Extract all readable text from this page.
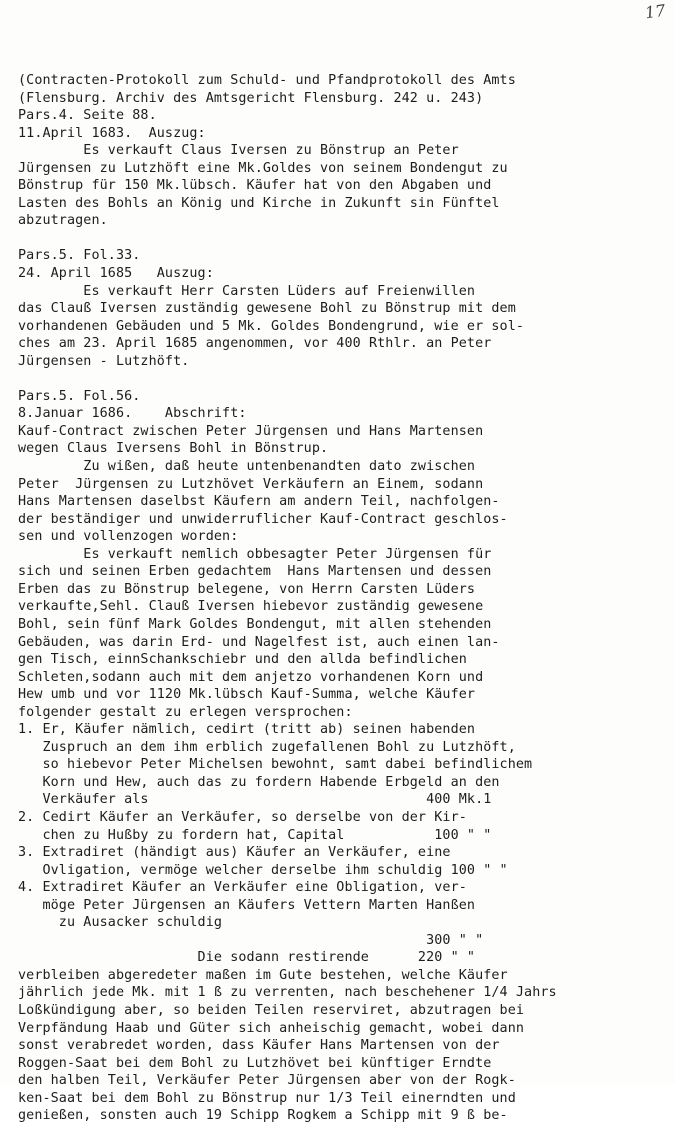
17
(Contracten-Protokoll zum Schuld- und Pfandprotokoll des Amts
(Flensburg. Archiv des Amtsgericht Flensburg. 242 u. 243)
Pars.4. Seite 88.
11.April 1683.  Auszug:
Es verkauft Claus Iversen zu Bönstrup an Peter
Jürgensen zu Lutzhöft eine Mk.Goldes von seinem Bondengut zu
Bönstrup für 150 Mk.lübsch. Käufer hat von den Abgaben und
Lasten des Bohls an König und Kirche in Zukunft sin Fünftel
abzutragen.
Pars.5. Fol.33.
24. April 1685   Auszug:
Es verkauft Herr Carsten Lüders auf Freienwillen
das Clauß Iversen zuständig gewesene Bohl zu Bönstrup mit dem
vorhandenen Gebäuden und 5 Mk. Goldes Bondengrund, wie er sol-
ches am 23. April 1685 angenommen, vor 400 Rthlr. an Peter
Jürgensen - Lutzhöft.
Pars.5. Fol.56.
8.Januar 1686.    Abschrift:
Kauf-Contract zwischen Peter Jürgensen und Hans Martensen
wegen Claus Iversens Bohl in Bönstrup.
Zu wißen, daß heute untenbenandten dato zwischen
Peter  Jürgensen zu Lutzhövet Verkäufern an Einem, sodann
Hans Martensen daselbst Käufern am andern Teil, nachfolgen-
der beständiger und unwiderruflicher Kauf-Contract geschlos-
sen und vollenzogen worden:
Es verkauft nemlich obbesagter Peter Jürgensen für
sich und seinen Erben gedachtem  Hans Martensen und dessen
Erben das zu Bönstrup belegene, von Herrn Carsten Lüders
verkaufte,Sehl. Clauß Iversen hiebevor zuständig gewesene
Bohl, sein fünf Mark Goldes Bondengut, mit allen stehenden
Gebäuden, was darin Erd- und Nagelfest ist, auch einen lan-
gen Tisch, einnSchankschiebr und den allda befindlichen
Schleten,sodann auch mit dem anjetzo vorhandenen Korn und
Hew umb und vor 1120 Mk.lübsch Kauf-Summa, welche Käufer
folgender gestalt zu erlegen versprochen:
1. Er, Käufer nämlich, cedirt (tritt ab) seinen habenden
Zuspruch an dem ihm erblich zugefallenen Bohl zu Lutzhöft,
so hiebevor Peter Michelsen bewohnt, samt dabei befindlichem
Korn und Hew, auch das zu fordern Habende Erbgeld an den
Verkäufer als                                  400 Mk.1
2. Cedirt Käufer an Verkäufer, so derselbe von der Kir-
chen zu Hußby zu fordern hat, Capital           100 " "
3. Extradiret (händigt aus) Käufer an Verkäufer, eine
Ovligation, vermöge welcher derselbe ihm schuldig 100 " "
4. Extradiret Käufer an Verkäufer eine Obligation, ver-
möge Peter Jürgensen an Käufers Vettern Marten Hanßen
zu Ausacker schuldig
300 " "
Die sodann restirende      220 " "
verbleiben abgeredeter maßen im Gute bestehen, welche Käufer
jährlich jede Mk. mit 1 ß zu verrenten, nach beschehener 1/4 Jahrs
Loßkündigung aber, so beiden Teilen reserviret, abzutragen bei
Verpfändung Haab und Güter sich anheischig gemacht, wobei dann
sonst verabredet worden, dass Käufer Hans Martensen von der
Roggen-Saat bei dem Bohl zu Lutzhövet bei künftiger Erndte
den halben Teil, Verkäufer Peter Jürgensen aber von der Rogk-
ken-Saat bei dem Bohl zu Bönstrup nur 1/3 Teil einerndten und
genießen, sonsten auch 19 Schipp Rogkem a Schipp mit 9 ß be-
